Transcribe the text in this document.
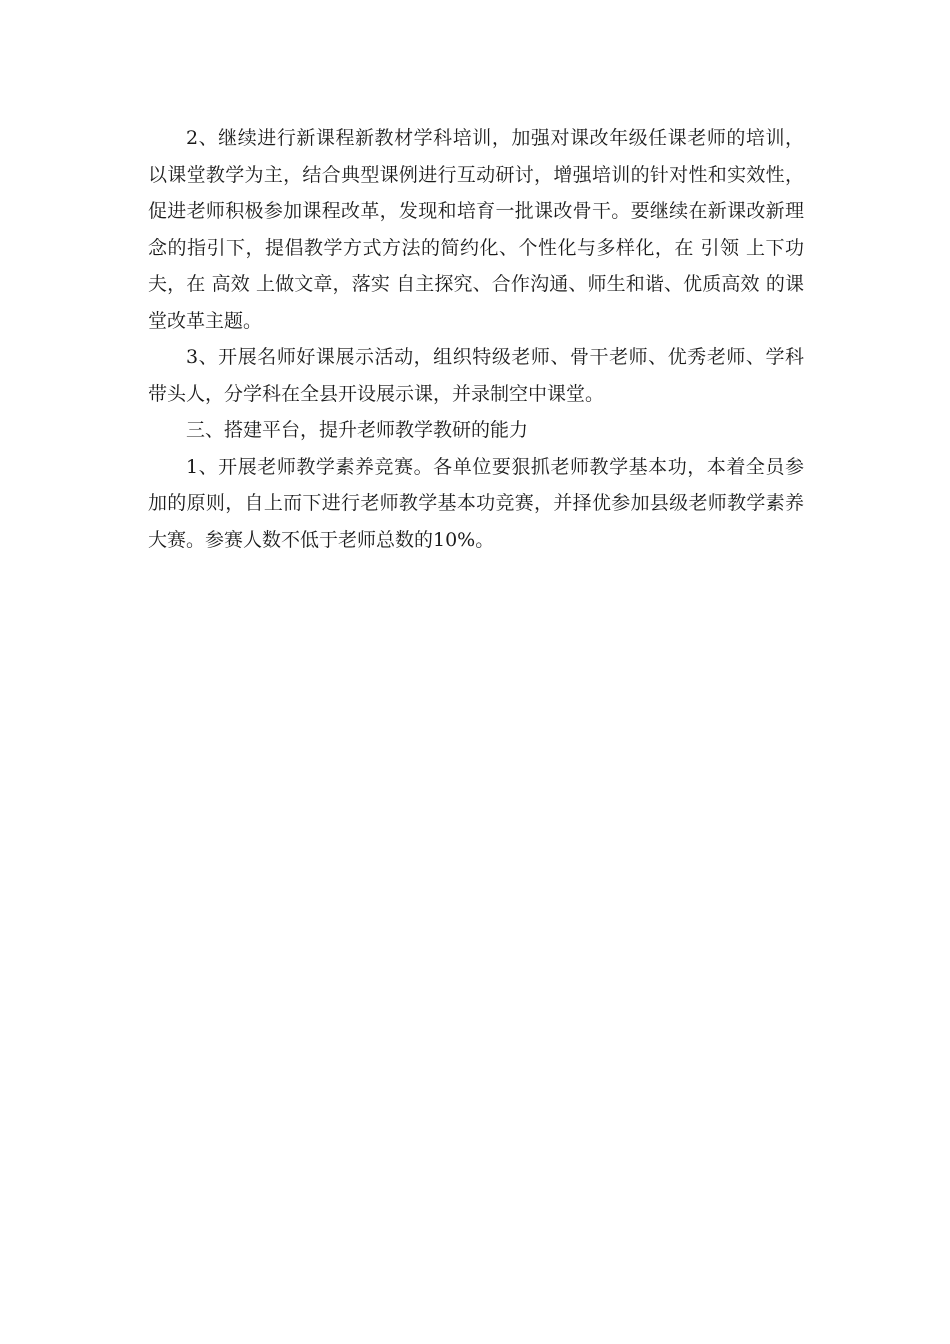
2、继续进行新课程新教材学科培训，加强对课改年级任课老师的培训，以课堂教学为主，结合典型课例进行互动研讨，增强培训的针对性和实效性，促进老师积极参加课程改革，发现和培育一批课改骨干。要继续在新课改新理念的指引下，提倡教学方式方法的简约化、个性化与多样化，在 引领 上下功夫，在 高效 上做文章，落实 自主探究、合作沟通、师生和谐、优质高效 的课堂改革主题。

3、开展名师好课展示活动，组织特级老师、骨干老师、优秀老师、学科带头人，分学科在全县开设展示课，并录制空中课堂。

三、搭建平台，提升老师教学教研的能力

1、开展老师教学素养竞赛。各单位要狠抓老师教学基本功，本着全员参加的原则，自上而下进行老师教学基本功竞赛，并择优参加县级老师教学素养大赛。参赛人数不低于老师总数的10%。
